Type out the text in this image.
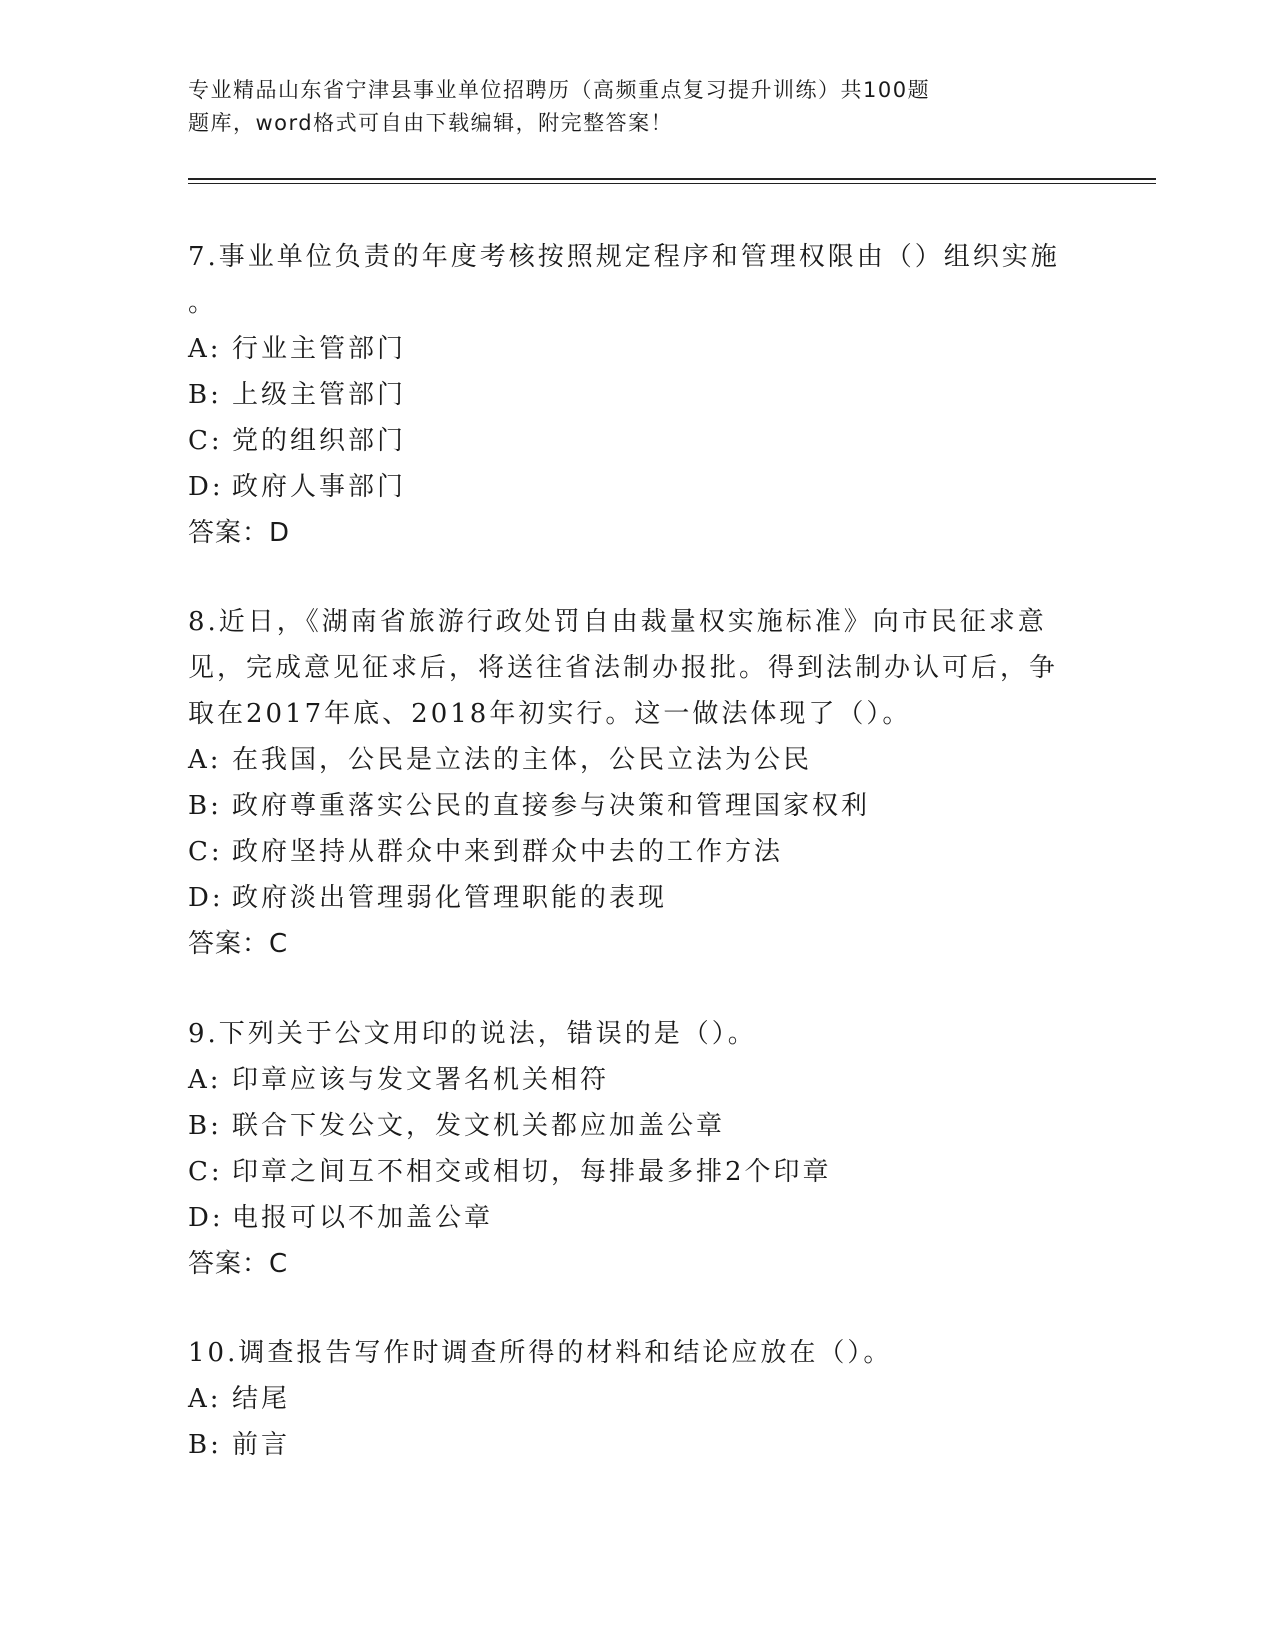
专业精品山东省宁津县事业单位招聘历（高频重点复习提升训练）共100题
题库，word格式可自由下载编辑，附完整答案！
7.事业单位负责的年度考核按照规定程序和管理权限由（）组织实施
。
A: 行业主管部门
B: 上级主管部门
C: 党的组织部门
D: 政府人事部门
答案：D
8.近日，《湖南省旅游行政处罚自由裁量权实施标准》向市民征求意
见，完成意见征求后，将送往省法制办报批。得到法制办认可后，争
取在2017年底、2018年初实行。这一做法体现了（）。
A: 在我国，公民是立法的主体，公民立法为公民
B: 政府尊重落实公民的直接参与决策和管理国家权利
C: 政府坚持从群众中来到群众中去的工作方法
D: 政府淡出管理弱化管理职能的表现
答案：C
9.下列关于公文用印的说法，错误的是（）。
A: 印章应该与发文署名机关相符
B: 联合下发公文，发文机关都应加盖公章
C: 印章之间互不相交或相切，每排最多排2个印章
D: 电报可以不加盖公章
答案：C
10.调查报告写作时调查所得的材料和结论应放在（）。
A: 结尾
B: 前言
